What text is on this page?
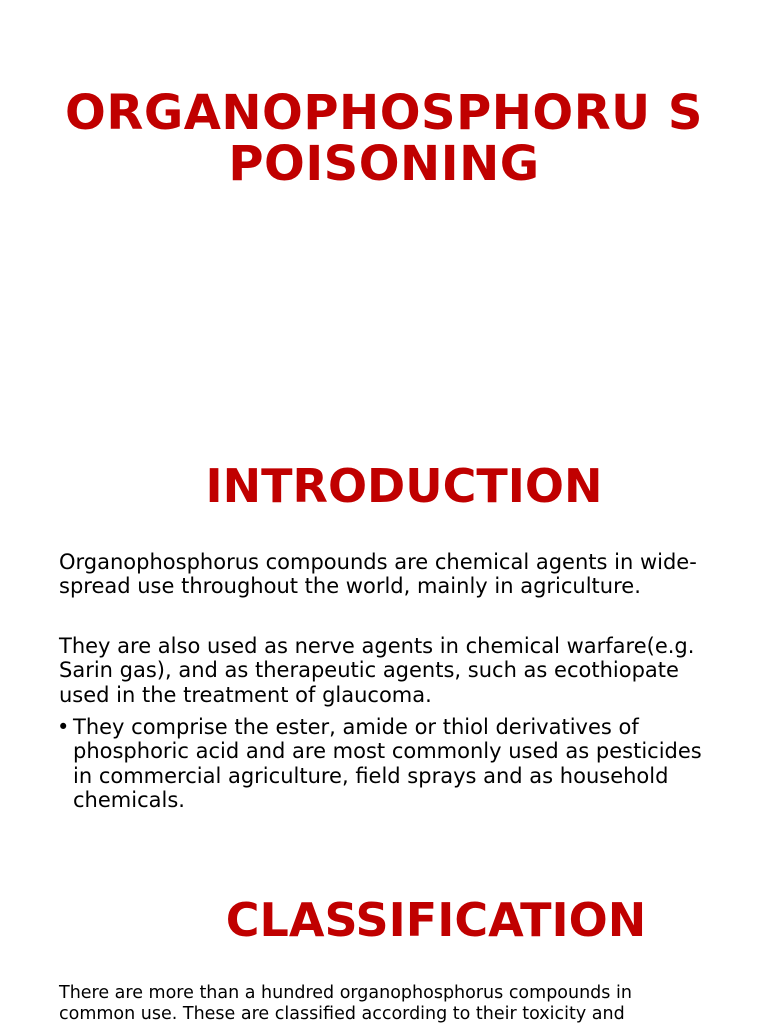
ORGANOPHOSPHORU S POISONING
INTRODUCTION

Organophosphorus compounds are chemical agents in wide-spread use throughout the world, mainly in agriculture.

They are also used as nerve agents in chemical warfare(e.g. Sarin gas), and as therapeutic agents, such as ecothiopate used in the treatment of glaucoma.

• They comprise the ester, amide or thiol derivatives of phosphoric acid and are most commonly used as pesticides in commercial agriculture, field sprays and as household chemicals.
CLASSIFICATION

There are more than a hundred organophosphorus compounds in common use. These are classified according to their toxicity and
